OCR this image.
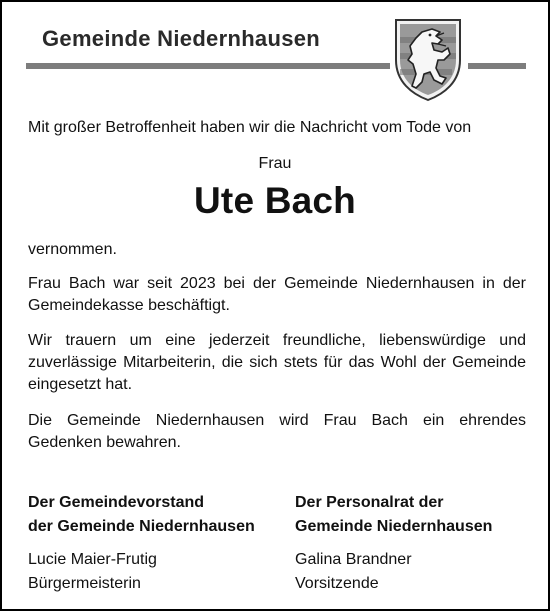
Gemeinde Niedernhausen

Mit großer Betroffenheit haben wir die Nachricht vom Tode von

Frau
Ute Bach

vernommen.

Frau Bach war seit 2023 bei der Gemeinde Niedernhausen in der Gemeindekasse beschäftigt.

Wir trauern um eine jederzeit freundliche, liebenswürdige und zuverlässige Mitarbeiterin, die sich stets für das Wohl der Gemeinde eingesetzt hat.

Die Gemeinde Niedernhausen wird Frau Bach ein ehrendes Gedenken bewahren.

Der Gemeindevorstand
der Gemeinde Niedernhausen
Lucie Maier-Frutig
Bürgermeisterin
Der Personalrat der
Gemeinde Niedernhausen
Galina Brandner
Vorsitzende
